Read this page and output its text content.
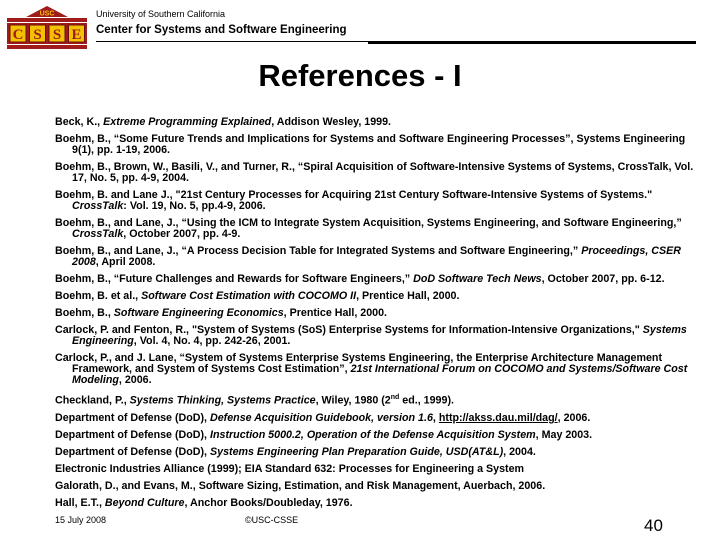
USC
C S S E
University of Southern California
Center for Systems and Software Engineering
References - I
Beck, K., Extreme Programming Explained, Addison Wesley, 1999.
Boehm, B., “Some Future Trends and Implications for Systems and Software Engineering Processes”, Systems Engineering 9(1), pp. 1-19, 2006.
Boehm, B., Brown, W., Basili, V., and Turner, R., “Spiral Acquisition of Software-Intensive Systems of Systems, CrossTalk, Vol. 17, No. 5, pp. 4-9, 2004.
Boehm, B. and Lane J., "21st Century Processes for Acquiring 21st Century Software-Intensive Systems of Systems." CrossTalk: Vol. 19, No. 5, pp.4-9, 2006.
Boehm, B., and Lane, J., “Using the ICM to Integrate System Acquisition, Systems Engineering, and Software Engineering,” CrossTalk, October 2007, pp. 4-9.
Boehm, B., and Lane, J., “A Process Decision Table for Integrated Systems and Software Engineering,” Proceedings, CSER 2008, April 2008.
Boehm, B., “Future Challenges and Rewards for Software Engineers,” DoD Software Tech News, October 2007, pp. 6-12.
Boehm, B. et al., Software Cost Estimation with COCOMO II, Prentice Hall, 2000.
Boehm, B., Software Engineering Economics, Prentice Hall, 2000.
Carlock, P. and Fenton, R., "System of Systems (SoS) Enterprise Systems for Information-Intensive Organizations," Systems Engineering, Vol. 4, No. 4, pp. 242-26, 2001.
Carlock, P., and J. Lane, “System of Systems Enterprise Systems Engineering, the Enterprise Architecture Management Framework, and System of Systems Cost Estimation”, 21st International Forum on COCOMO and Systems/Software Cost Modeling, 2006.
Checkland, P., Systems Thinking, Systems Practice, Wiley, 1980 (2nd ed., 1999).
Department of Defense (DoD), Defense Acquisition Guidebook, version 1.6, http://akss.dau.mil/dag/, 2006.
Department of Defense (DoD), Instruction 5000.2, Operation of the Defense Acquisition System, May 2003.
Department of Defense (DoD), Systems Engineering Plan Preparation Guide, USD(AT&L), 2004.
Electronic Industries Alliance (1999); EIA Standard 632: Processes for Engineering a System
Galorath, D., and Evans, M., Software Sizing, Estimation, and Risk Management, Auerbach, 2006.
Hall, E.T., Beyond Culture, Anchor Books/Doubleday, 1976.
15 July 2008	©USC-CSSE	40
